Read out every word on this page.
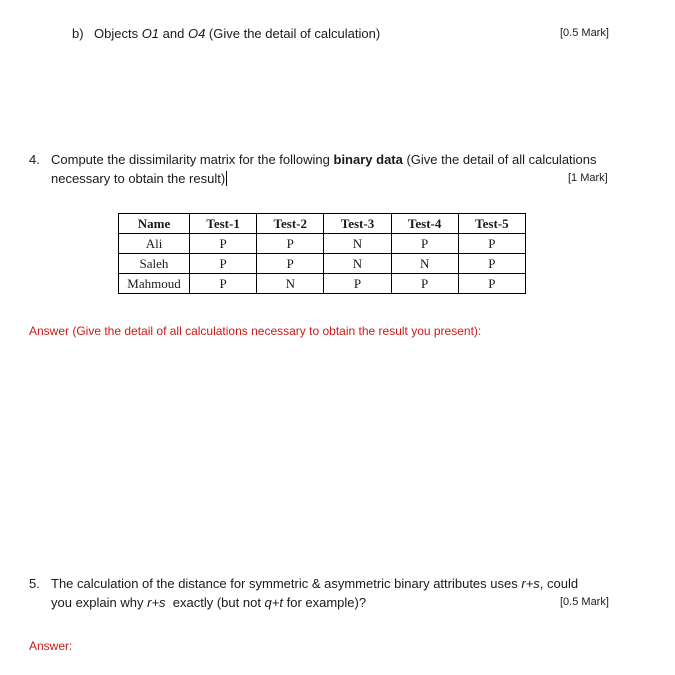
b) Objects O1 and O4 (Give the detail of calculation)	[0.5 Mark]
4. Compute the dissimilarity matrix for the following binary data (Give the detail of all calculations
necessary to obtain the result)	[1 Mark]
Name	Test-1	Test-2	Test-3	Test-4	Test-5
Ali	P	P	N	P	P
Saleh	P	P	N	N	P
Mahmoud	P	N	P	P	P
Answer (Give the detail of all calculations necessary to obtain the result you present):
5. The calculation of the distance for symmetric & asymmetric binary attributes uses r+s, could
you explain why r+s  exactly (but not q+t for example)?	[0.5 Mark]
Answer:
